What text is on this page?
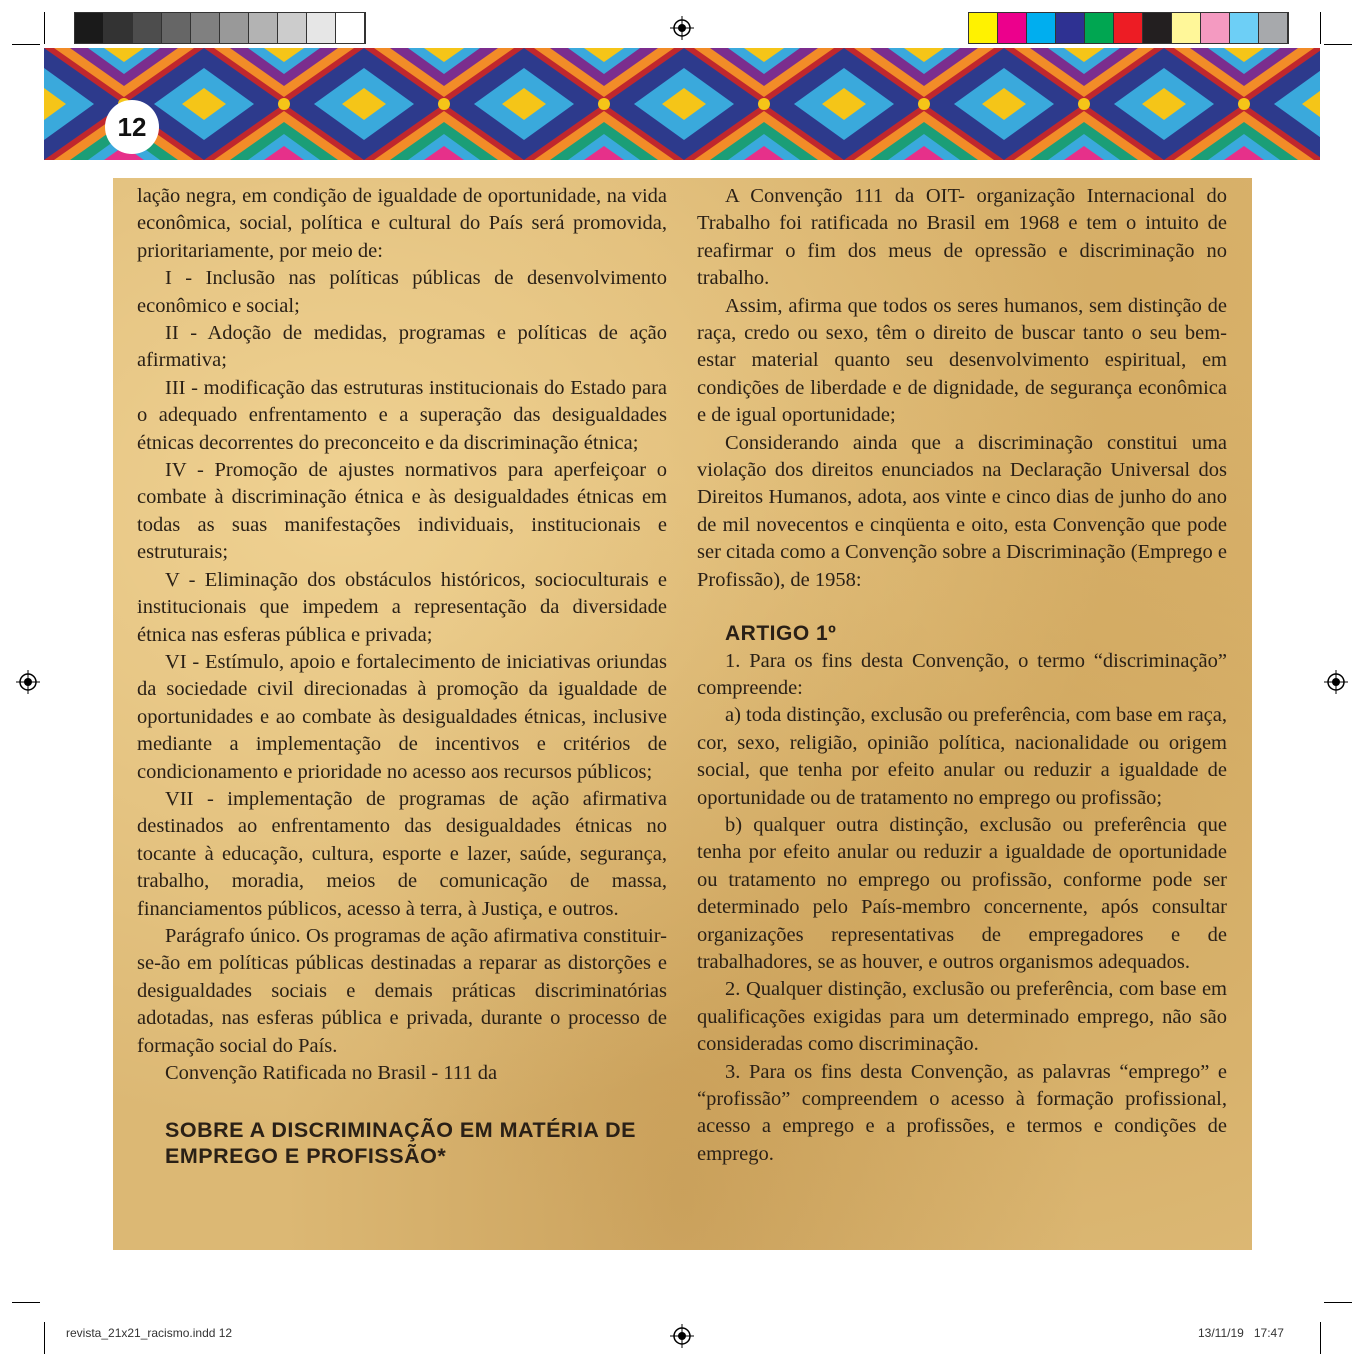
12

lação negra, em condição de igualdade de oportunidade, na vida econômica, social, política e cultural do País será promovida, prioritariamente, por meio de:

I - Inclusão nas políticas públicas de desenvolvimento econômico e social;

II - Adoção de medidas, programas e políticas de ação afirmativa;

III - modificação das estruturas institucionais do Estado para o adequado enfrentamento e a superação das desigualdades étnicas decorrentes do preconceito e da discriminação étnica;

IV - Promoção de ajustes normativos para aperfeiçoar o combate à discriminação étnica e às desigualdades étnicas em todas as suas manifestações individuais, institucionais e estruturais;

V - Eliminação dos obstáculos históricos, socioculturais e institucionais que impedem a representação da diversidade étnica nas esferas pública e privada;

VI - Estímulo, apoio e fortalecimento de iniciativas oriundas da sociedade civil direcionadas à promoção da igualdade de oportunidades e ao combate às desigualdades étnicas, inclusive mediante a implementação de incentivos e critérios de condicionamento e prioridade no acesso aos recursos públicos;

VII - implementação de programas de ação afirmativa destinados ao enfrentamento das desigualdades étnicas no tocante à educação, cultura, esporte e lazer, saúde, segurança, trabalho, moradia, meios de comunicação de massa, financiamentos públicos, acesso à terra, à Justiça, e outros.

Parágrafo único. Os programas de ação afirmativa constituir-se-ão em políticas públicas destinadas a reparar as distorções e desigualdades sociais e demais práticas discriminatórias adotadas, nas esferas pública e privada, durante o processo de formação social do País.

Convenção Ratificada no Brasil - 111 da

SOBRE A DISCRIMINAÇÃO EM MATÉRIA DE EMPREGO E PROFISSÃO*

A Convenção 111 da OIT- organização Internacional do Trabalho foi ratificada no Brasil em 1968 e tem o intuito de reafirmar o fim dos meus de opressão e discriminação no trabalho.

Assim, afirma que todos os seres humanos, sem distinção de raça, credo ou sexo, têm o direito de buscar tanto o seu bem-estar material quanto seu desenvolvimento espiritual, em condições de liberdade e de dignidade, de segurança econômica e de igual oportunidade;

Considerando ainda que a discriminação constitui uma violação dos direitos enunciados na Declaração Universal dos Direitos Humanos, adota, aos vinte e cinco dias de junho do ano de mil novecentos e cinqüenta e oito, esta Convenção que pode ser citada como a Convenção sobre a Discriminação (Emprego e Profissão), de 1958:

ARTIGO 1º

1. Para os fins desta Convenção, o termo “discriminação” compreende:

a) toda distinção, exclusão ou preferência, com base em raça, cor, sexo, religião, opinião política, nacionalidade ou origem social, que tenha por efeito anular ou reduzir a igualdade de oportunidade ou de tratamento no emprego ou profissão;

b) qualquer outra distinção, exclusão ou preferência que tenha por efeito anular ou reduzir a igualdade de oportunidade ou tratamento no emprego ou profissão, conforme pode ser determinado pelo País-membro concernente, após consultar organizações representativas de empregadores e de trabalhadores, se as houver, e outros organismos adequados.

2. Qualquer distinção, exclusão ou preferência, com base em qualificações exigidas para um determinado emprego, não são consideradas como discriminação.

3. Para os fins desta Convenção, as palavras “emprego” e “profissão” compreendem o acesso à formação profissional, acesso a emprego e a profissões, e termos e condições de emprego.

revista_21x21_racismo.indd 12	13/11/19 17:47
